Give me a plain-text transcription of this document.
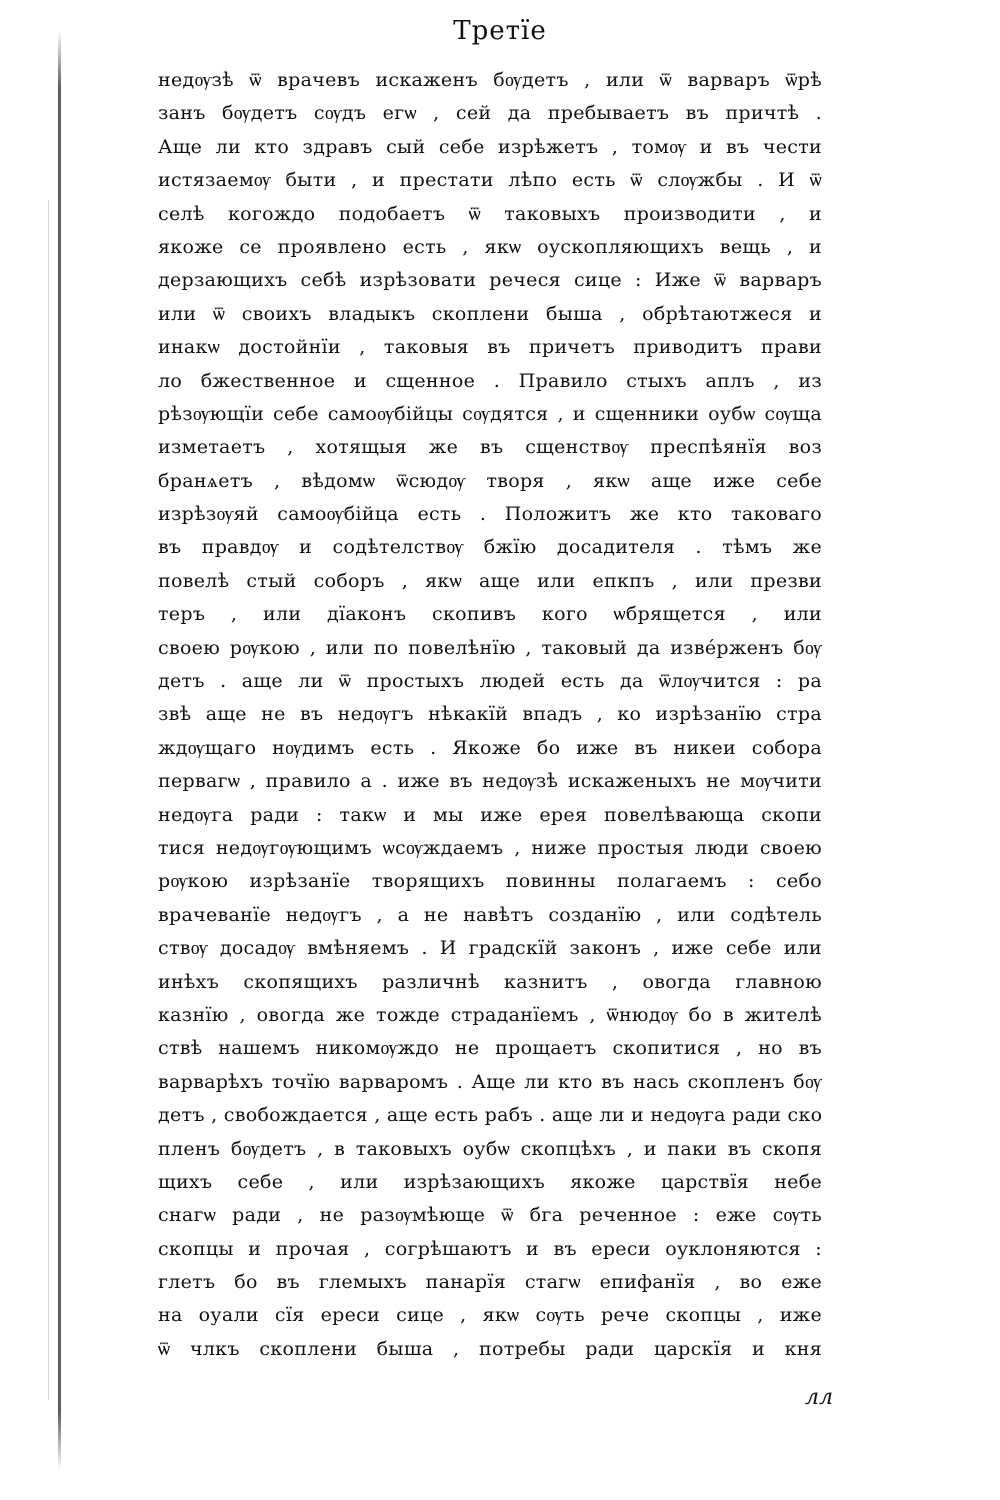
Третїе
недѹзѣ ѿ врачевъ искаженъ бѹдетъ , или ѿ варваръ ѿрѣ
занъ бѹдетъ сѹдъ егѡ , сей да пребываетъ въ причтѣ .
Аще ли кто здравъ сый себе изрѣжетъ , томѹ и въ чести
истязаемѹ быти , и престати лѣпо есть ѿ слѹжбы . И ѿ
селѣ когождо подобаетъ ѿ таковыхъ производити , и
якоже се проявлено есть , якѡ оускопляющихъ вещь , и
дерзающихъ себѣ изрѣзовати речеся сице : Иже ѿ варваръ
или ѿ своихъ владыкъ скоплени быша , обрѣтаютжеся и
инакѡ достойнїи , таковыя въ причетъ приводитъ прави
ло бжественное и сщенное . Правило стыхъ аплъ , из
рѣзѹющїи себе самоѹбійцы сѹдятся , и сщенники оубѡ сѹща
изметаетъ , хотящыя же въ сщенствѹ преспѣянїя воз
бранѧетъ , вѣдомѡ ѿсюдѹ творя , якѡ аще иже себе
изрѣзѹяй самоѹбійца есть . Положитъ же кто таковаго
въ правдѹ и содѣтелствѹ бжїю досадителя . тѣмъ же
повелѣ стый соборъ , якѡ аще или епкпъ , или презви
теръ , или дїаконъ скопивъ кого ѡбрящется , или
своею рѹкою , или по повелѣнїю , таковый да извéрженъ бѹ
детъ . аще ли ѿ простыхъ людей есть да ѿлѹчится : ра
звѣ аще не въ недѹгъ нѣкакїй впадъ , ко изрѣзанїю стра
ждѹщаго нѹдимъ есть . Якоже бо иже въ никеи собора
первагѡ , правило а . иже въ недѹзѣ искаженыхъ не мѹчити
недѹга ради : такѡ и мы иже ерея повелѣвающа скопи
тися недѹгѹющимъ ѡсѹждаемъ , ниже простыя люди своею
рѹкою изрѣзанїе творящихъ повинны полагаемъ : себо
врачеванїе недѹгъ , а не навѣтъ созданїю , или содѣтель
ствѹ досадѹ вмѣняемъ . И градскїй законъ , иже себе или
инѣхъ скопящихъ различнѣ казнитъ , овогда главною
казнїю , овогда же тожде страданїемъ , ѿнюдѹ бо в жителѣ
ствѣ нашемъ никомѹждо не прощаетъ скопитися , но въ
варварѣхъ точїю варваромъ . Аще ли кто въ нась скопленъ бѹ
детъ , свобождается , аще есть рабъ . аще ли и недѹга ради ско
пленъ бѹдетъ , в таковыхъ оубѡ скопцѣхъ , и паки въ скопя
щихъ себе , или изрѣзающихъ якоже царствїя небе
снагѡ ради , не разѹмѣюще ѿ бга реченное : еже сѹть
скопцы и прочая , согрѣшаютъ и въ ереси оуклоняются :
глетъ бо въ глемыхъ панарїя стагѡ епифанїя , во еже
на оуали сїя ереси сице , якѡ сѹть рече скопцы , иже
ѿ члкъ скоплени быша , потребы ради царскїя и кня
лл
